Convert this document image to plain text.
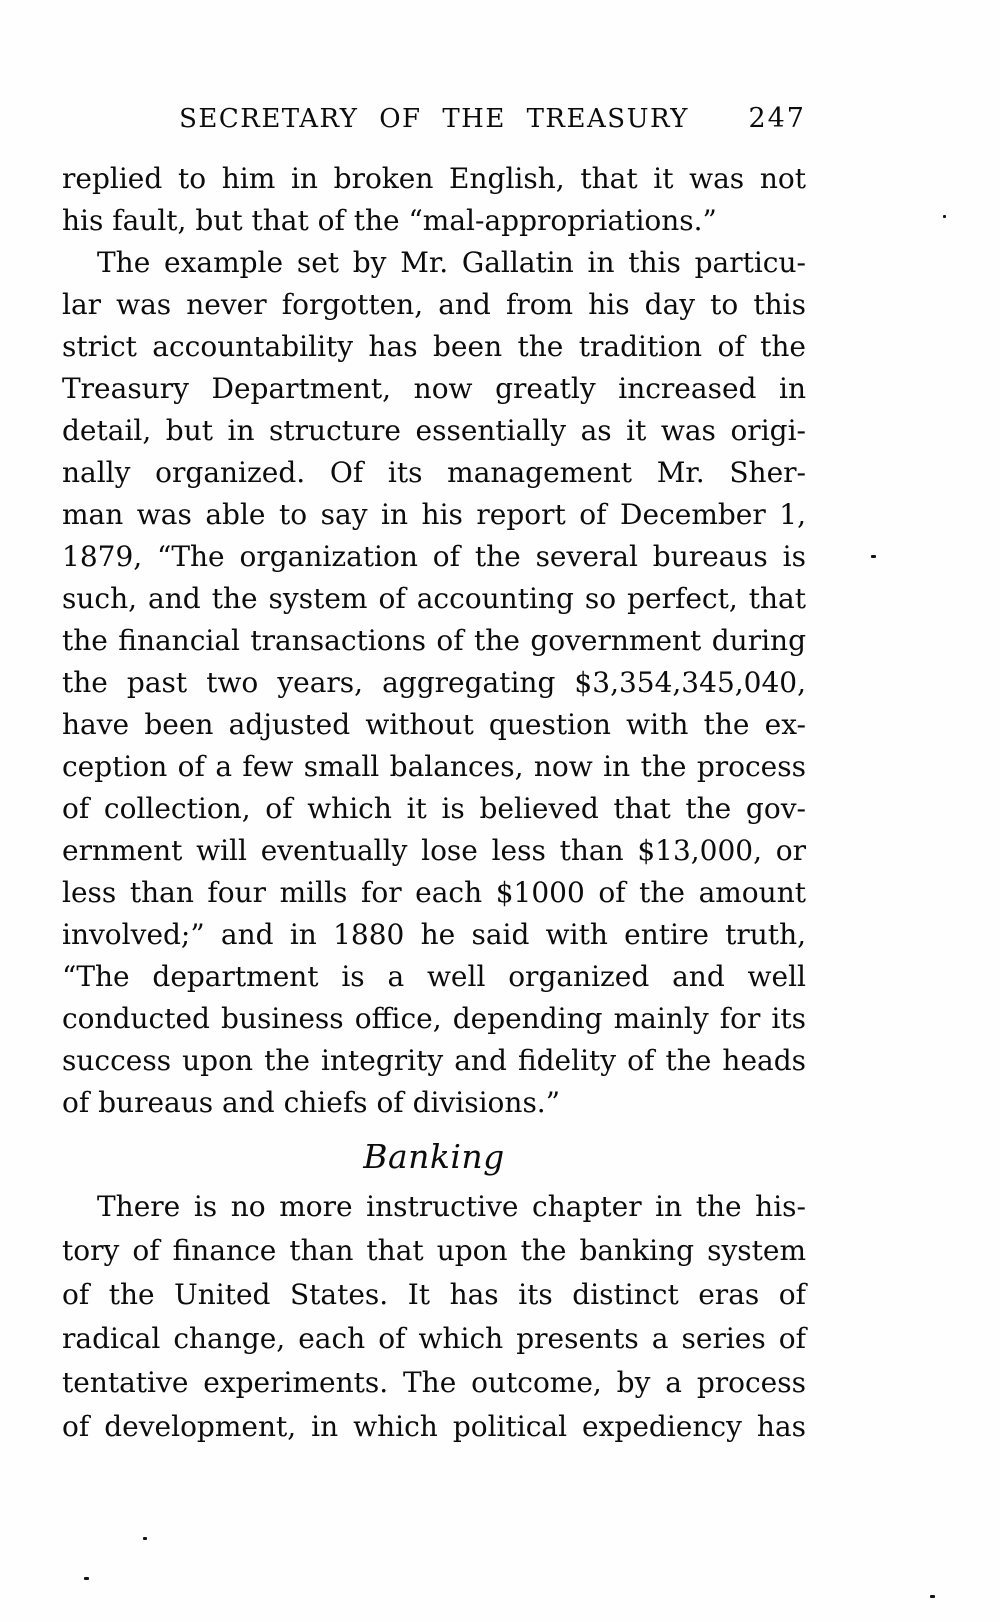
SECRETARY OF THE TREASURY	247
replied to him in broken English, that it was not
his fault, but that of the “mal-appropriations.”
The example set by Mr. Gallatin in this particu-
lar was never forgotten, and from his day to this
strict accountability has been the tradition of the
Treasury Department, now greatly increased in
detail, but in structure essentially as it was origi-
nally organized. Of its management Mr. Sher-
man was able to say in his report of December 1,
1879, “The organization of the several bureaus is
such, and the system of accounting so perfect, that
the financial transactions of the government during
the past two years, aggregating $3,354,345,040,
have been adjusted without question with the ex-
ception of a few small balances, now in the process
of collection, of which it is believed that the gov-
ernment will eventually lose less than $13,000, or
less than four mills for each $1000 of the amount
involved;” and in 1880 he said with entire truth,
“The department is a well organized and well
conducted business office, depending mainly for its
success upon the integrity and fidelity of the heads
of bureaus and chiefs of divisions.”
Banking
There is no more instructive chapter in the his-
tory of finance than that upon the banking system
of the United States. It has its distinct eras of
radical change, each of which presents a series of
tentative experiments. The outcome, by a process
of development, in which political expediency has
